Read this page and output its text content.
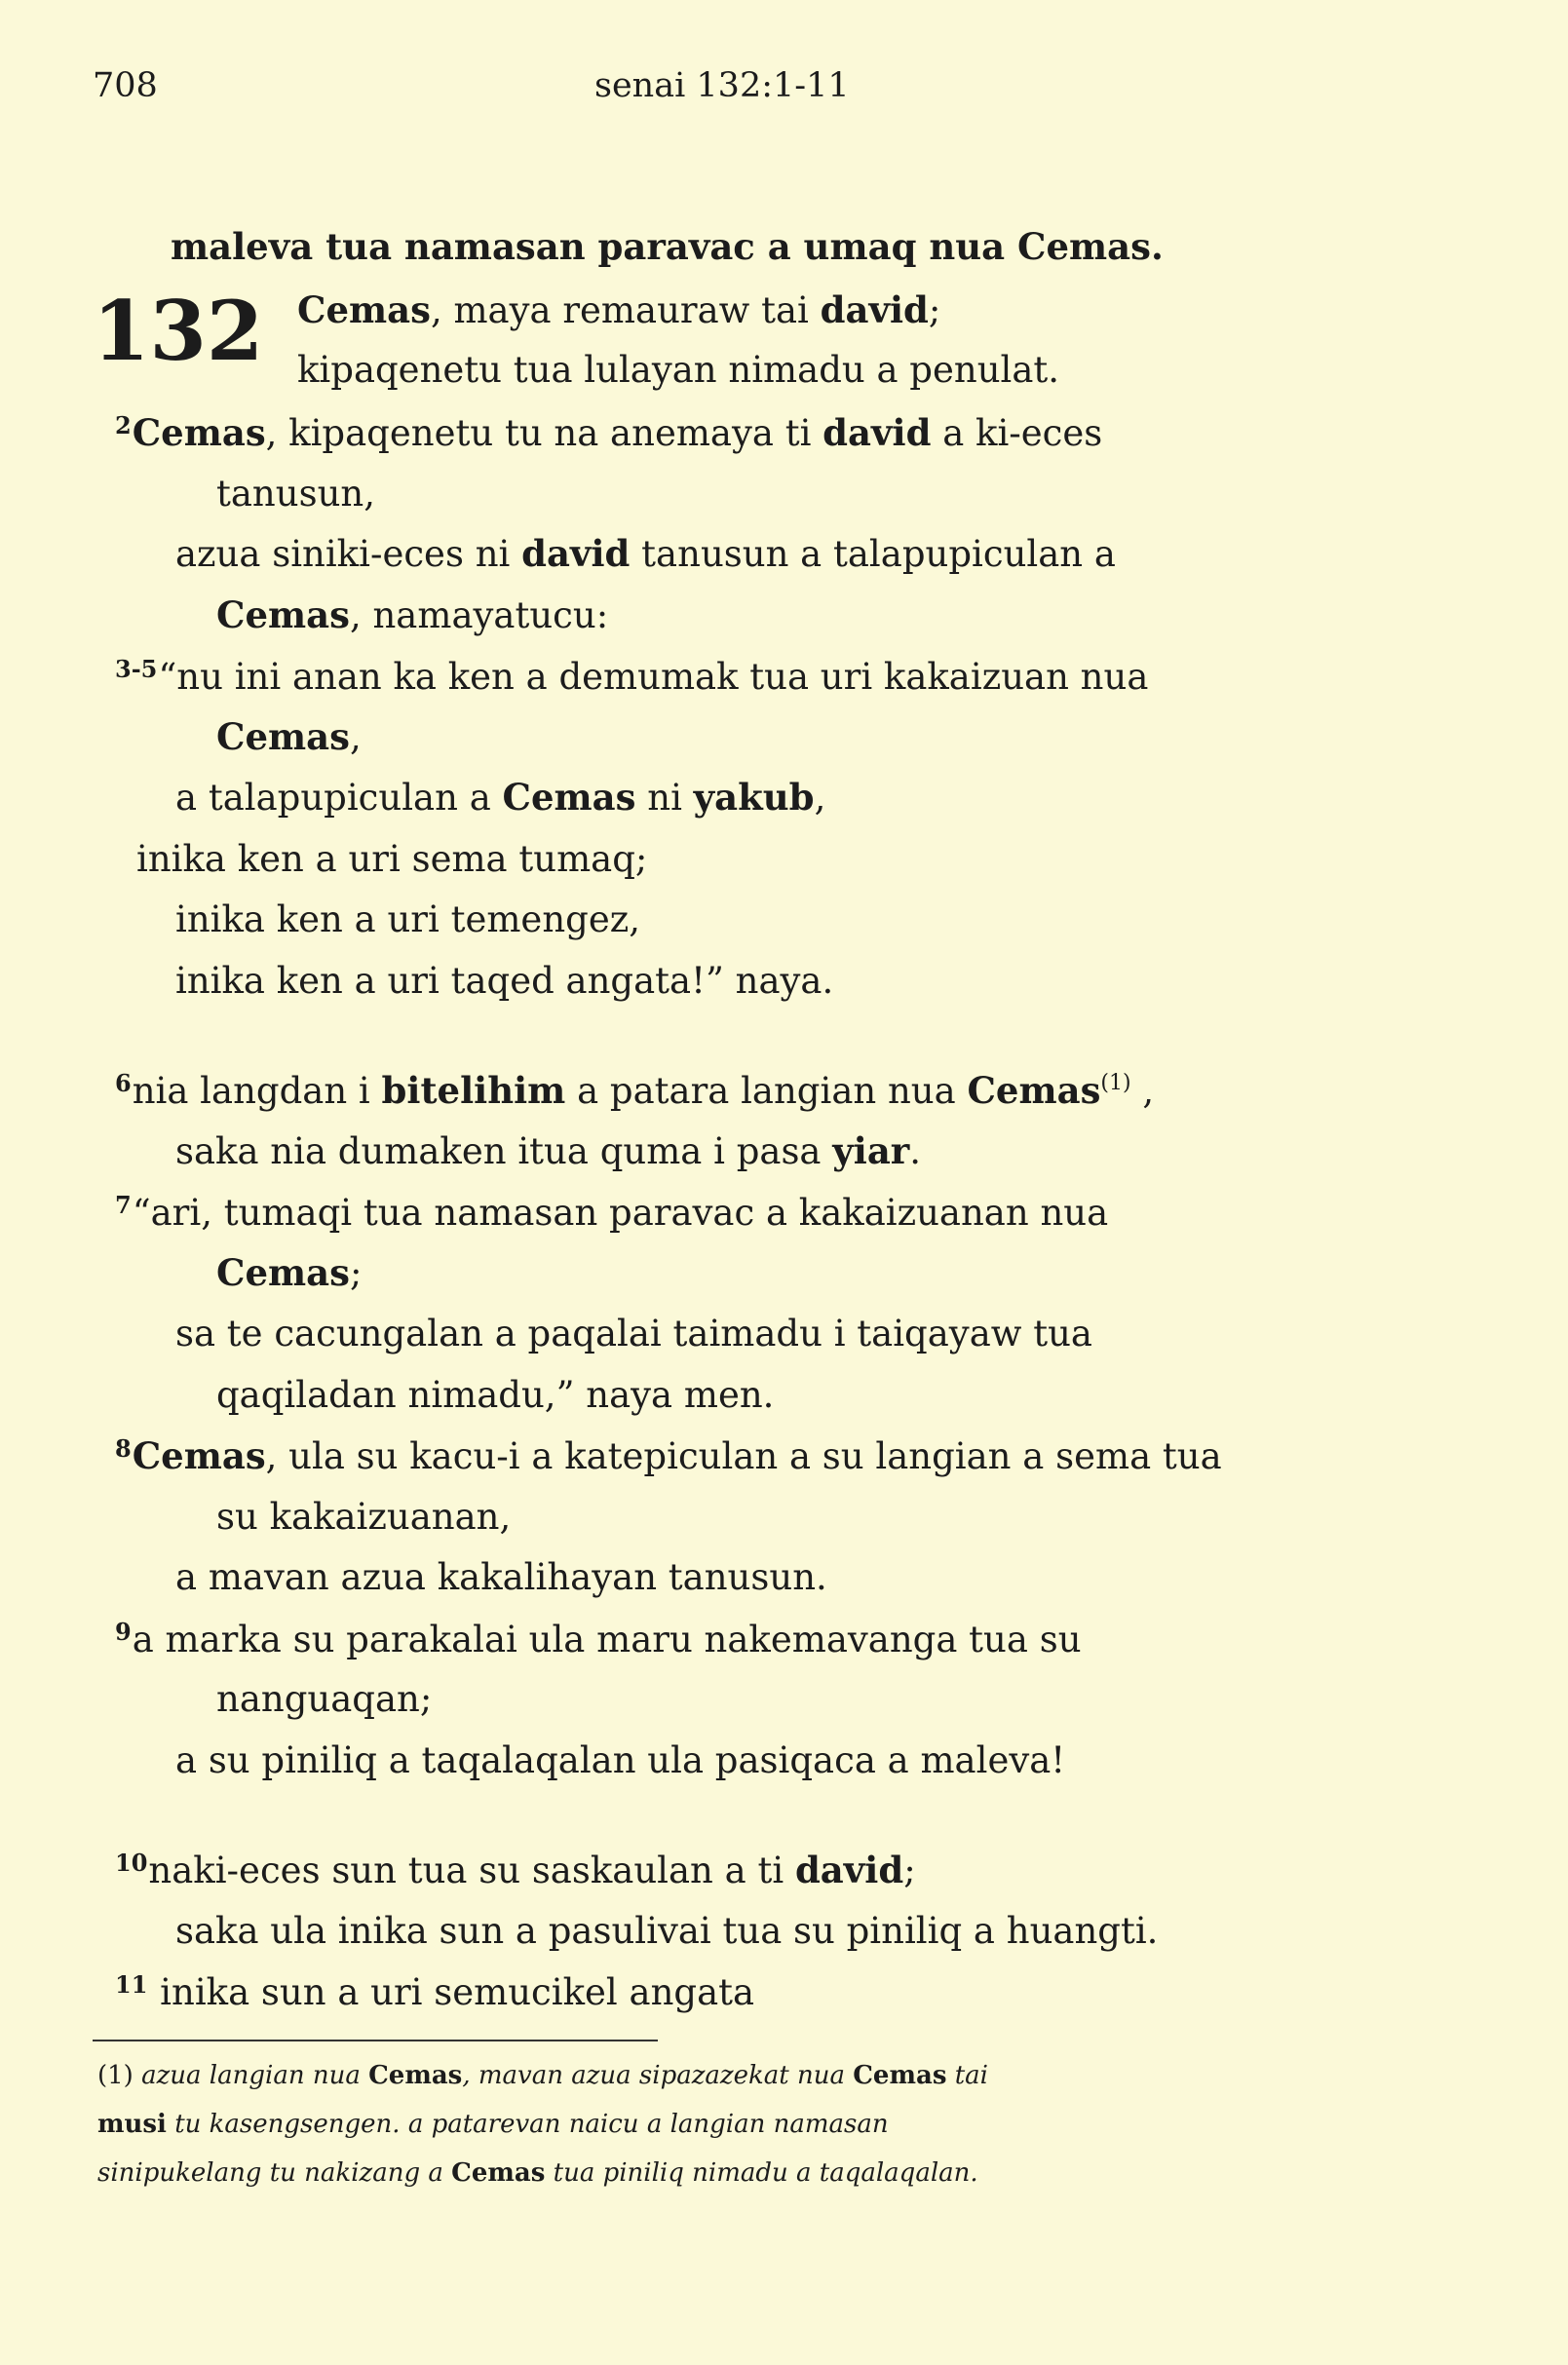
708	senai 132:1-11
132
maleva tua namasan paravac a umaq nua Cemas.
Cemas, maya remauraw tai david;
kipaqenetu tua lulayan nimadu a penulat.
$^2$Cemas, kipaqenetu tu na anemaya ti david a ki-eces
tanusun,
azua siniki-eces ni david tanusun a talapupiculan a
Cemas, namayatucu:
$^{3-5}$“nu ini anan ka ken a demumak tua uri kakaizuan nua
Cemas,
a talapupiculan a Cemas ni yakub,
inika ken a uri sema tumaq;
inika ken a uri temengez,
inika ken a uri taqed angata!” naya.
$^6$nia langdan i bitelihim a patara langian nua Cemas$^{(1)}$ ,
saka nia dumaken itua quma i pasa yiar.
$^7$“ari, tumaqi tua namasan paravac a kakaizuanan nua
Cemas;
sa te cacungalan a paqalai taimadu i taiqayaw tua
qaqiladan nimadu,” naya men.
$^8$Cemas, ula su kacu-i a katepiculan a su langian a sema tua
su kakaizuanan,
a mavan azua kakalihayan tanusun.
$^9$a marka su parakalai ula maru nakemavanga tua su
nanguaqan;
a su piniliq a taqalaqalan ula pasiqaca a maleva!
$^{10}$naki-eces sun tua su saskaulan a ti david;
saka ula inika sun a pasulivai tua su piniliq a huangti.
$^{11}$ inika sun a uri semucikel angata
(1) azua langian nua Cemas, mavan azua sipazazekat nua Cemas tai
musi tu kasengsengen. a patarevan naicu a langian namasan
sinipukelang tu nakizang a Cemas tua piniliq nimadu a taqalaqalan.
